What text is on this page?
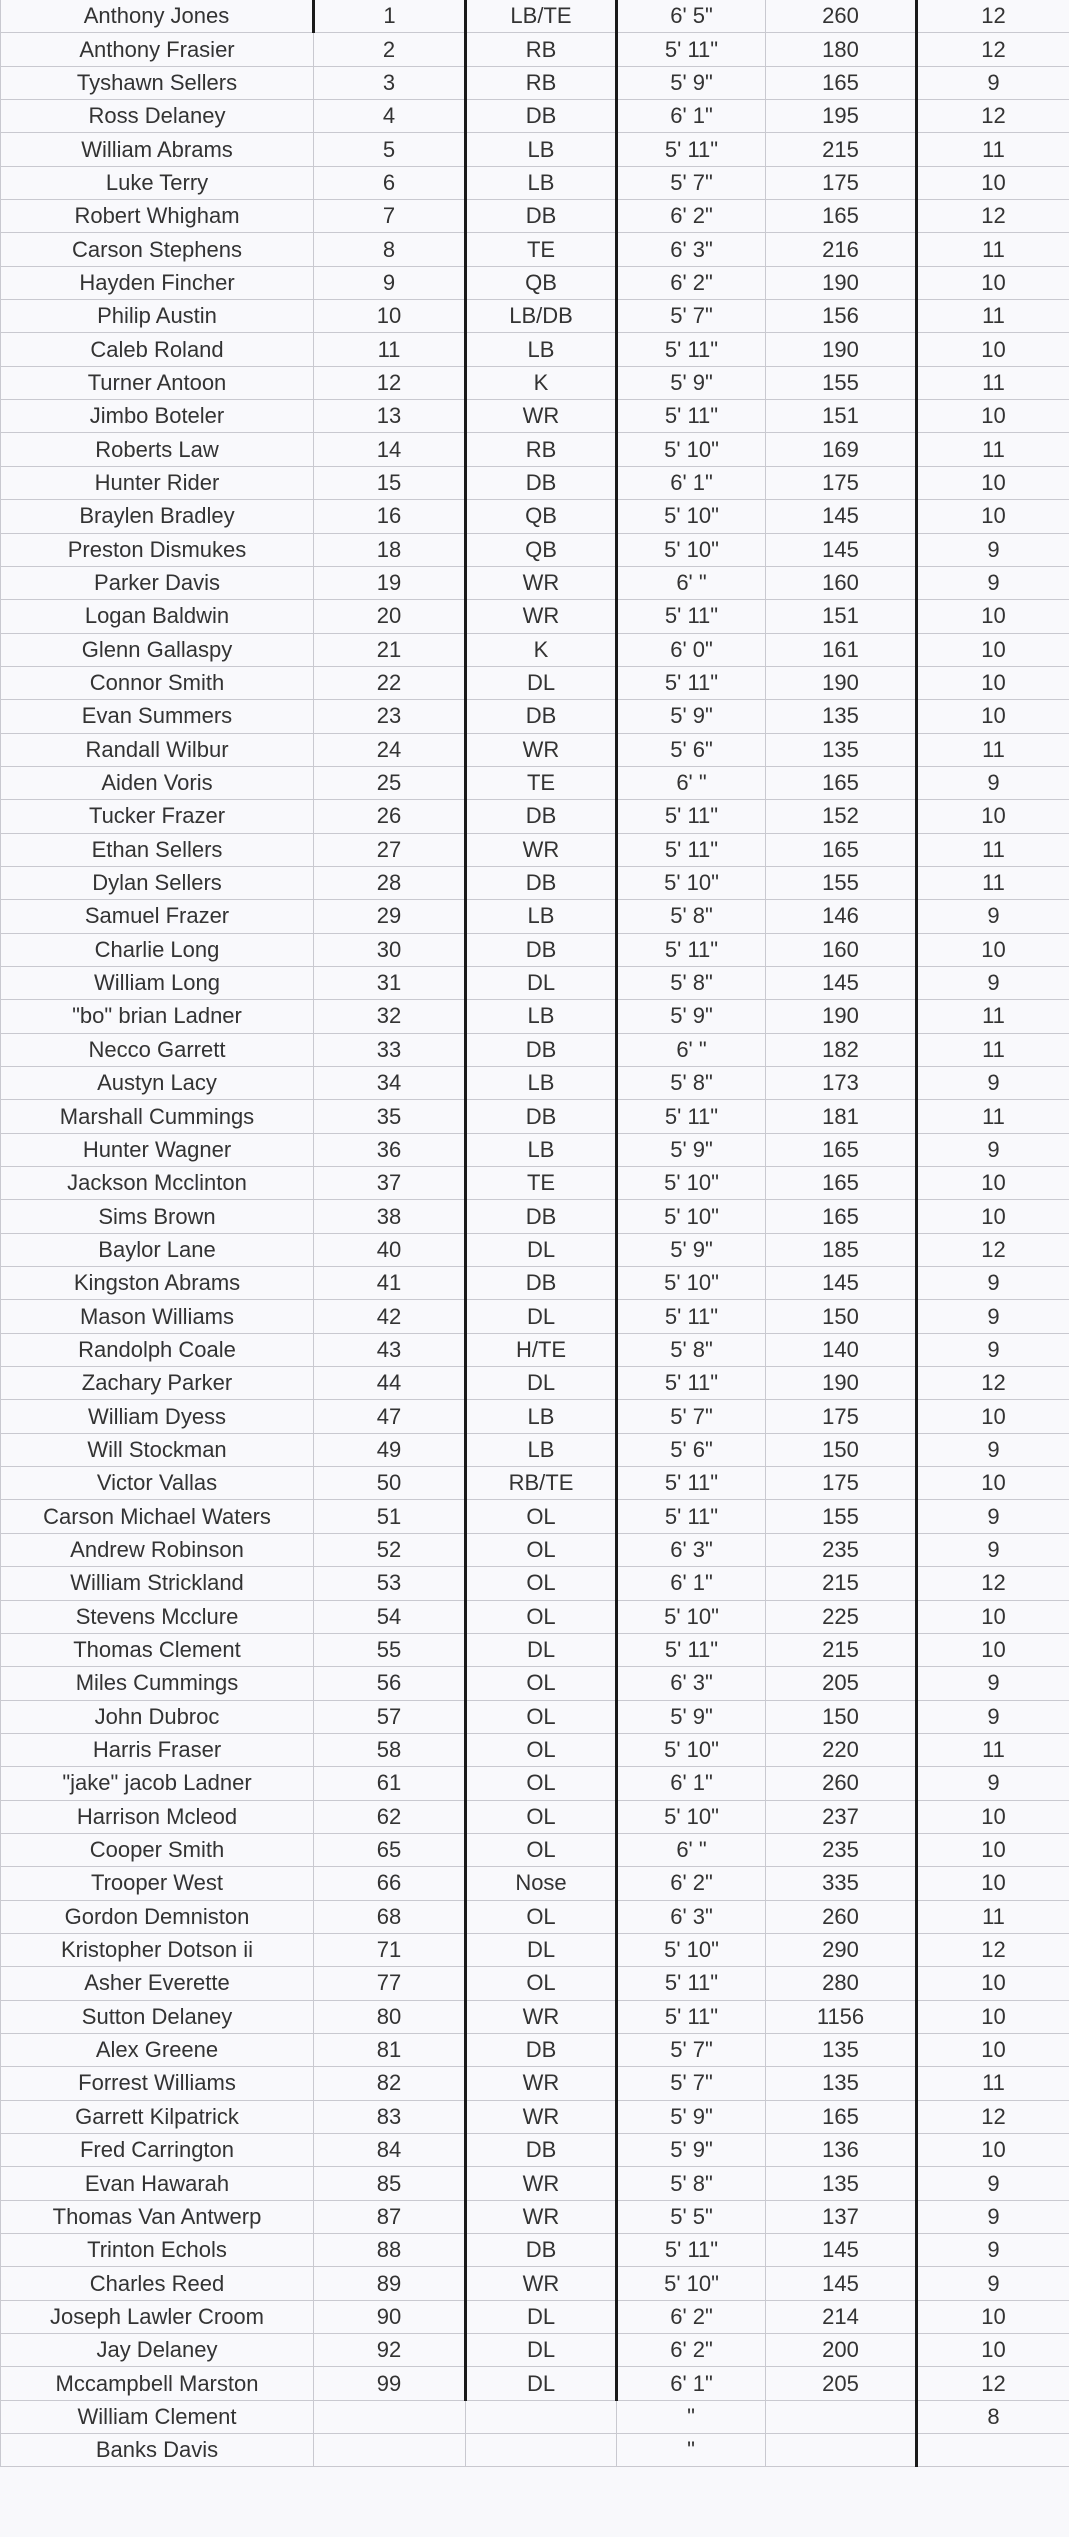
Anthony Jones	1	LB/TE	6' 5"	260	12
Anthony Frasier	2	RB	5' 11"	180	12
Tyshawn Sellers	3	RB	5' 9"	165	9
Ross Delaney	4	DB	6' 1"	195	12
William Abrams	5	LB	5' 11"	215	11
Luke Terry	6	LB	5' 7"	175	10
Robert Whigham	7	DB	6' 2"	165	12
Carson Stephens	8	TE	6' 3"	216	11
Hayden Fincher	9	QB	6' 2"	190	10
Philip Austin	10	LB/DB	5' 7"	156	11
Caleb Roland	11	LB	5' 11"	190	10
Turner Antoon	12	K	5' 9"	155	11
Jimbo Boteler	13	WR	5' 11"	151	10
Roberts Law	14	RB	5' 10"	169	11
Hunter Rider	15	DB	6' 1"	175	10
Braylen Bradley	16	QB	5' 10"	145	10
Preston Dismukes	18	QB	5' 10"	145	9
Parker Davis	19	WR	6' "	160	9
Logan Baldwin	20	WR	5' 11"	151	10
Glenn Gallaspy	21	K	6' 0"	161	10
Connor Smith	22	DL	5' 11"	190	10
Evan Summers	23	DB	5' 9"	135	10
Randall Wilbur	24	WR	5' 6"	135	11
Aiden Voris	25	TE	6' "	165	9
Tucker Frazer	26	DB	5' 11"	152	10
Ethan Sellers	27	WR	5' 11"	165	11
Dylan Sellers	28	DB	5' 10"	155	11
Samuel Frazer	29	LB	5' 8"	146	9
Charlie Long	30	DB	5' 11"	160	10
William Long	31	DL	5' 8"	145	9
"bo" brian Ladner	32	LB	5' 9"	190	11
Necco Garrett	33	DB	6' "	182	11
Austyn Lacy	34	LB	5' 8"	173	9
Marshall Cummings	35	DB	5' 11"	181	11
Hunter Wagner	36	LB	5' 9"	165	9
Jackson Mcclinton	37	TE	5' 10"	165	10
Sims Brown	38	DB	5' 10"	165	10
Baylor Lane	40	DL	5' 9"	185	12
Kingston Abrams	41	DB	5' 10"	145	9
Mason Williams	42	DL	5' 11"	150	9
Randolph Coale	43	H/TE	5' 8"	140	9
Zachary Parker	44	DL	5' 11"	190	12
William Dyess	47	LB	5' 7"	175	10
Will Stockman	49	LB	5' 6"	150	9
Victor Vallas	50	RB/TE	5' 11"	175	10
Carson Michael Waters	51	OL	5' 11"	155	9
Andrew Robinson	52	OL	6' 3"	235	9
William Strickland	53	OL	6' 1"	215	12
Stevens Mcclure	54	OL	5' 10"	225	10
Thomas Clement	55	DL	5' 11"	215	10
Miles Cummings	56	OL	6' 3"	205	9
John Dubroc	57	OL	5' 9"	150	9
Harris Fraser	58	OL	5' 10"	220	11
"jake" jacob Ladner	61	OL	6' 1"	260	9
Harrison Mcleod	62	OL	5' 10"	237	10
Cooper Smith	65	OL	6' "	235	10
Trooper West	66	Nose	6' 2"	335	10
Gordon Demniston	68	OL	6' 3"	260	11
Kristopher Dotson ii	71	DL	5' 10"	290	12
Asher Everette	77	OL	5' 11"	280	10
Sutton Delaney	80	WR	5' 11"	1156	10
Alex Greene	81	DB	5' 7"	135	10
Forrest Williams	82	WR	5' 7"	135	11
Garrett Kilpatrick	83	WR	5' 9"	165	12
Fred Carrington	84	DB	5' 9"	136	10
Evan Hawarah	85	WR	5' 8"	135	9
Thomas Van Antwerp	87	WR	5' 5"	137	9
Trinton Echols	88	DB	5' 11"	145	9
Charles Reed	89	WR	5' 10"	145	9
Joseph Lawler Croom	90	DL	6' 2"	214	10
Jay Delaney	92	DL	6' 2"	200	10
Mccampbell Marston	99	DL	6' 1"	205	12
William Clement			"		8
Banks Davis			"		
